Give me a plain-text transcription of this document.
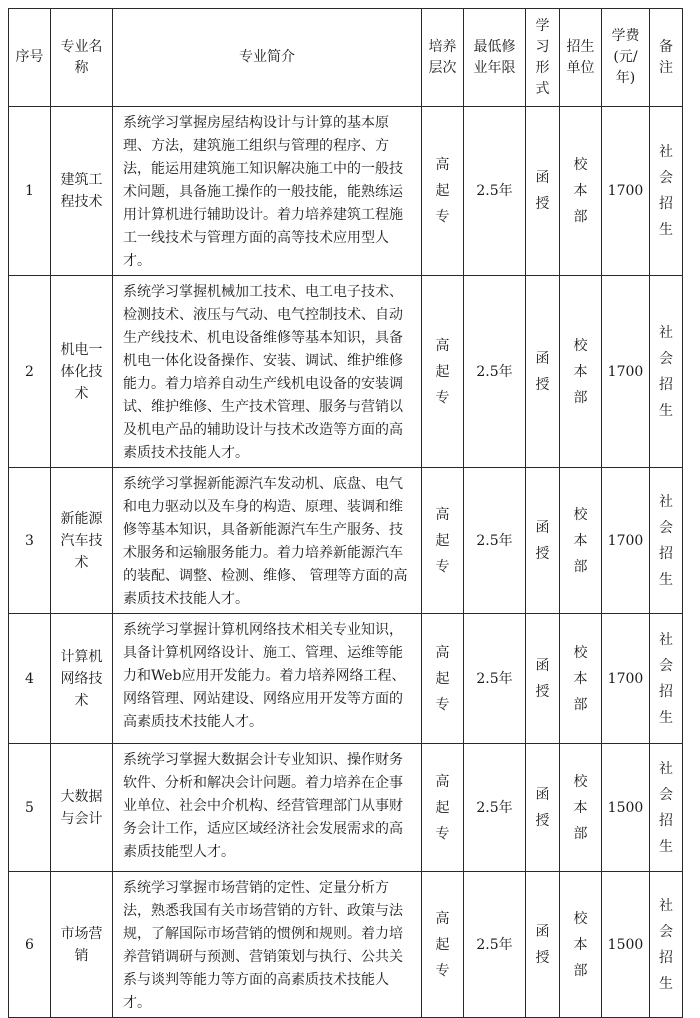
序号	专业名称	专业简介	培养层次	最低修业年限	学习形式	招生单位	学费(元/年)	备注
1	建筑工程技术	系统学习掌握房屋结构设计与计算的基本原理、方法，建筑施工组织与管理的程序、方法，能运用建筑施工知识解决施工中的一般技术问题，具备施工操作的一般技能，能熟练运用计算机进行辅助设计。着力培养建筑工程施工一线技术与管理方面的高等技术应用型人才。	高起专	2.5年	函授	校本部	1700	社会招生
2	机电一体化技术	系统学习掌握机械加工技术、电工电子技术、检测技术、液压与气动、电气控制技术、自动生产线技术、机电设备维修等基本知识，具备机电一体化设备操作、安装、调试、维护维修能力。着力培养自动生产线机电设备的安装调试、维护维修、生产技术管理、服务与营销以及机电产品的辅助设计与技术改造等方面的高素质技术技能人才。	高起专	2.5年	函授	校本部	1700	社会招生
3	新能源汽车技术	系统学习掌握新能源汽车发动机、底盘、电气和电力驱动以及车身的构造、原理、装调和维修等基本知识，具备新能源汽车生产服务、技术服务和运输服务能力。着力培养新能源汽车的装配、调整、检测、维修、 管理等方面的高素质技术技能人才。	高起专	2.5年	函授	校本部	1700	社会招生
4	计算机网络技术	系统学习掌握计算机网络技术相关专业知识，具备计算机网络设计、施工、管理、运维等能力和Web应用开发能力。着力培养网络工程、网络管理、网站建设、网络应用开发等方面的高素质技术技能人才。	高起专	2.5年	函授	校本部	1700	社会招生
5	大数据与会计	系统学习掌握大数据会计专业知识、操作财务软件、分析和解决会计问题。着力培养在企事业单位、社会中介机构、经营管理部门从事财务会计工作，适应区域经济社会发展需求的高素质技能型人才。	高起专	2.5年	函授	校本部	1500	社会招生
6	市场营销	系统学习掌握市场营销的定性、定量分析方法，熟悉我国有关市场营销的方针、政策与法规，了解国际市场营销的惯例和规则。着力培养营销调研与预测、营销策划与执行、公共关系与谈判等能力等方面的高素质技术技能人才。	高起专	2.5年	函授	校本部	1500	社会招生
